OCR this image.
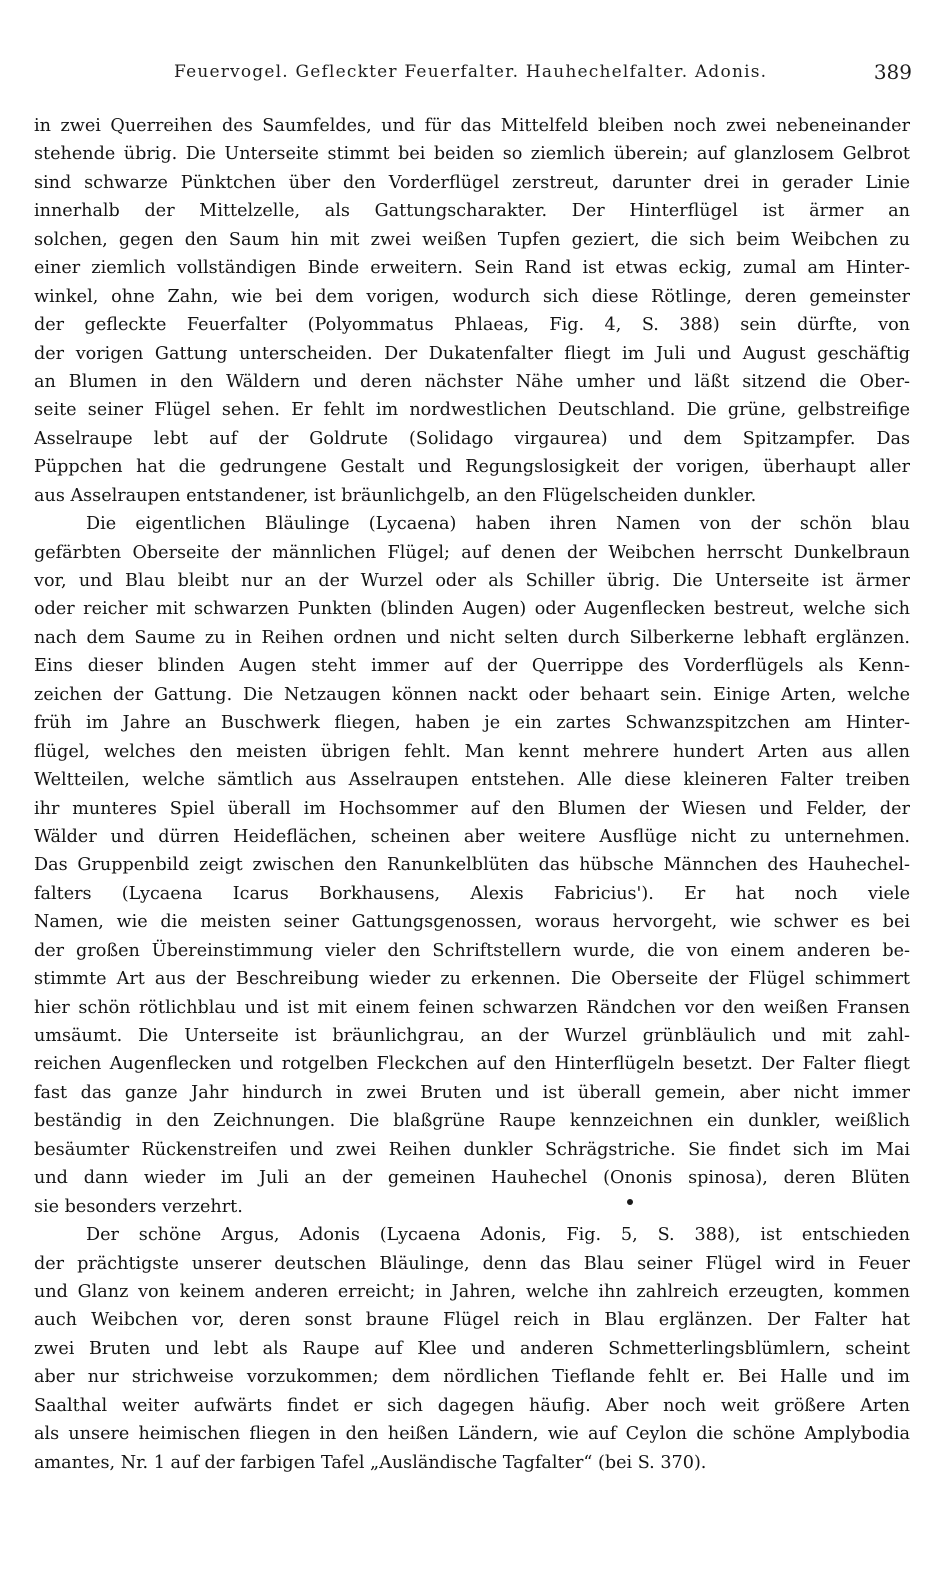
Feuervogel. Gefleckter Feuerfalter. Hauhechelfalter. Adonis.	389
in zwei Querreihen des Saumfeldes, und für das Mittelfeld bleiben noch zwei nebeneinander
stehende übrig. Die Unterseite stimmt bei beiden so ziemlich überein; auf glanzlosem Gelbrot
sind schwarze Pünktchen über den Vorderflügel zerstreut, darunter drei in gerader Linie
innerhalb der Mittelzelle, als Gattungscharakter. Der Hinterflügel ist ärmer an
solchen, gegen den Saum hin mit zwei weißen Tupfen geziert, die sich beim Weibchen zu
einer ziemlich vollständigen Binde erweitern. Sein Rand ist etwas eckig, zumal am Hinter-
winkel, ohne Zahn, wie bei dem vorigen, wodurch sich diese Rötlinge, deren gemeinster
der gefleckte Feuerfalter (Polyommatus Phlaeas, Fig. 4, S. 388) sein dürfte, von
der vorigen Gattung unterscheiden. Der Dukatenfalter fliegt im Juli und August geschäftig
an Blumen in den Wäldern und deren nächster Nähe umher und läßt sitzend die Ober-
seite seiner Flügel sehen. Er fehlt im nordwestlichen Deutschland. Die grüne, gelbstreifige
Asselraupe lebt auf der Goldrute (Solidago virgaurea) und dem Spitzampfer. Das
Püppchen hat die gedrungene Gestalt und Regungslosigkeit der vorigen, überhaupt aller
aus Asselraupen entstandener, ist bräunlichgelb, an den Flügelscheiden dunkler.
Die eigentlichen Bläulinge (Lycaena) haben ihren Namen von der schön blau
gefärbten Oberseite der männlichen Flügel; auf denen der Weibchen herrscht Dunkelbraun
vor, und Blau bleibt nur an der Wurzel oder als Schiller übrig. Die Unterseite ist ärmer
oder reicher mit schwarzen Punkten (blinden Augen) oder Augenflecken bestreut, welche sich
nach dem Saume zu in Reihen ordnen und nicht selten durch Silberkerne lebhaft erglänzen.
Eins dieser blinden Augen steht immer auf der Querrippe des Vorderflügels als Kenn-
zeichen der Gattung. Die Netzaugen können nackt oder behaart sein. Einige Arten, welche
früh im Jahre an Buschwerk fliegen, haben je ein zartes Schwanzspitzchen am Hinter-
flügel, welches den meisten übrigen fehlt. Man kennt mehrere hundert Arten aus allen
Weltteilen, welche sämtlich aus Asselraupen entstehen. Alle diese kleineren Falter treiben
ihr munteres Spiel überall im Hochsommer auf den Blumen der Wiesen und Felder, der
Wälder und dürren Heideflächen, scheinen aber weitere Ausflüge nicht zu unternehmen.
Das Gruppenbild zeigt zwischen den Ranunkelblüten das hübsche Männchen des Hauhechel-
falters (Lycaena Icarus Borkhausens, Alexis Fabricius'). Er hat noch viele
Namen, wie die meisten seiner Gattungsgenossen, woraus hervorgeht, wie schwer es bei
der großen Übereinstimmung vieler den Schriftstellern wurde, die von einem anderen be-
stimmte Art aus der Beschreibung wieder zu erkennen. Die Oberseite der Flügel schimmert
hier schön rötlichblau und ist mit einem feinen schwarzen Rändchen vor den weißen Fransen
umsäumt. Die Unterseite ist bräunlichgrau, an der Wurzel grünbläulich und mit zahl-
reichen Augenflecken und rotgelben Fleckchen auf den Hinterflügeln besetzt. Der Falter fliegt
fast das ganze Jahr hindurch in zwei Bruten und ist überall gemein, aber nicht immer
beständig in den Zeichnungen. Die blaßgrüne Raupe kennzeichnen ein dunkler, weißlich
besäumter Rückenstreifen und zwei Reihen dunkler Schrägstriche. Sie findet sich im Mai
und dann wieder im Juli an der gemeinen Hauhechel (Ononis spinosa), deren Blüten
sie besonders verzehrt.
Der schöne Argus, Adonis (Lycaena Adonis, Fig. 5, S. 388), ist entschieden
der prächtigste unserer deutschen Bläulinge, denn das Blau seiner Flügel wird in Feuer
und Glanz von keinem anderen erreicht; in Jahren, welche ihn zahlreich erzeugten, kommen
auch Weibchen vor, deren sonst braune Flügel reich in Blau erglänzen. Der Falter hat
zwei Bruten und lebt als Raupe auf Klee und anderen Schmetterlingsblümlern, scheint
aber nur strichweise vorzukommen; dem nördlichen Tieflande fehlt er. Bei Halle und im
Saalthal weiter aufwärts findet er sich dagegen häufig. Aber noch weit größere Arten
als unsere heimischen fliegen in den heißen Ländern, wie auf Ceylon die schöne Amplybodia
amantes, Nr. 1 auf der farbigen Tafel „Ausländische Tagfalter“ (bei S. 370).
